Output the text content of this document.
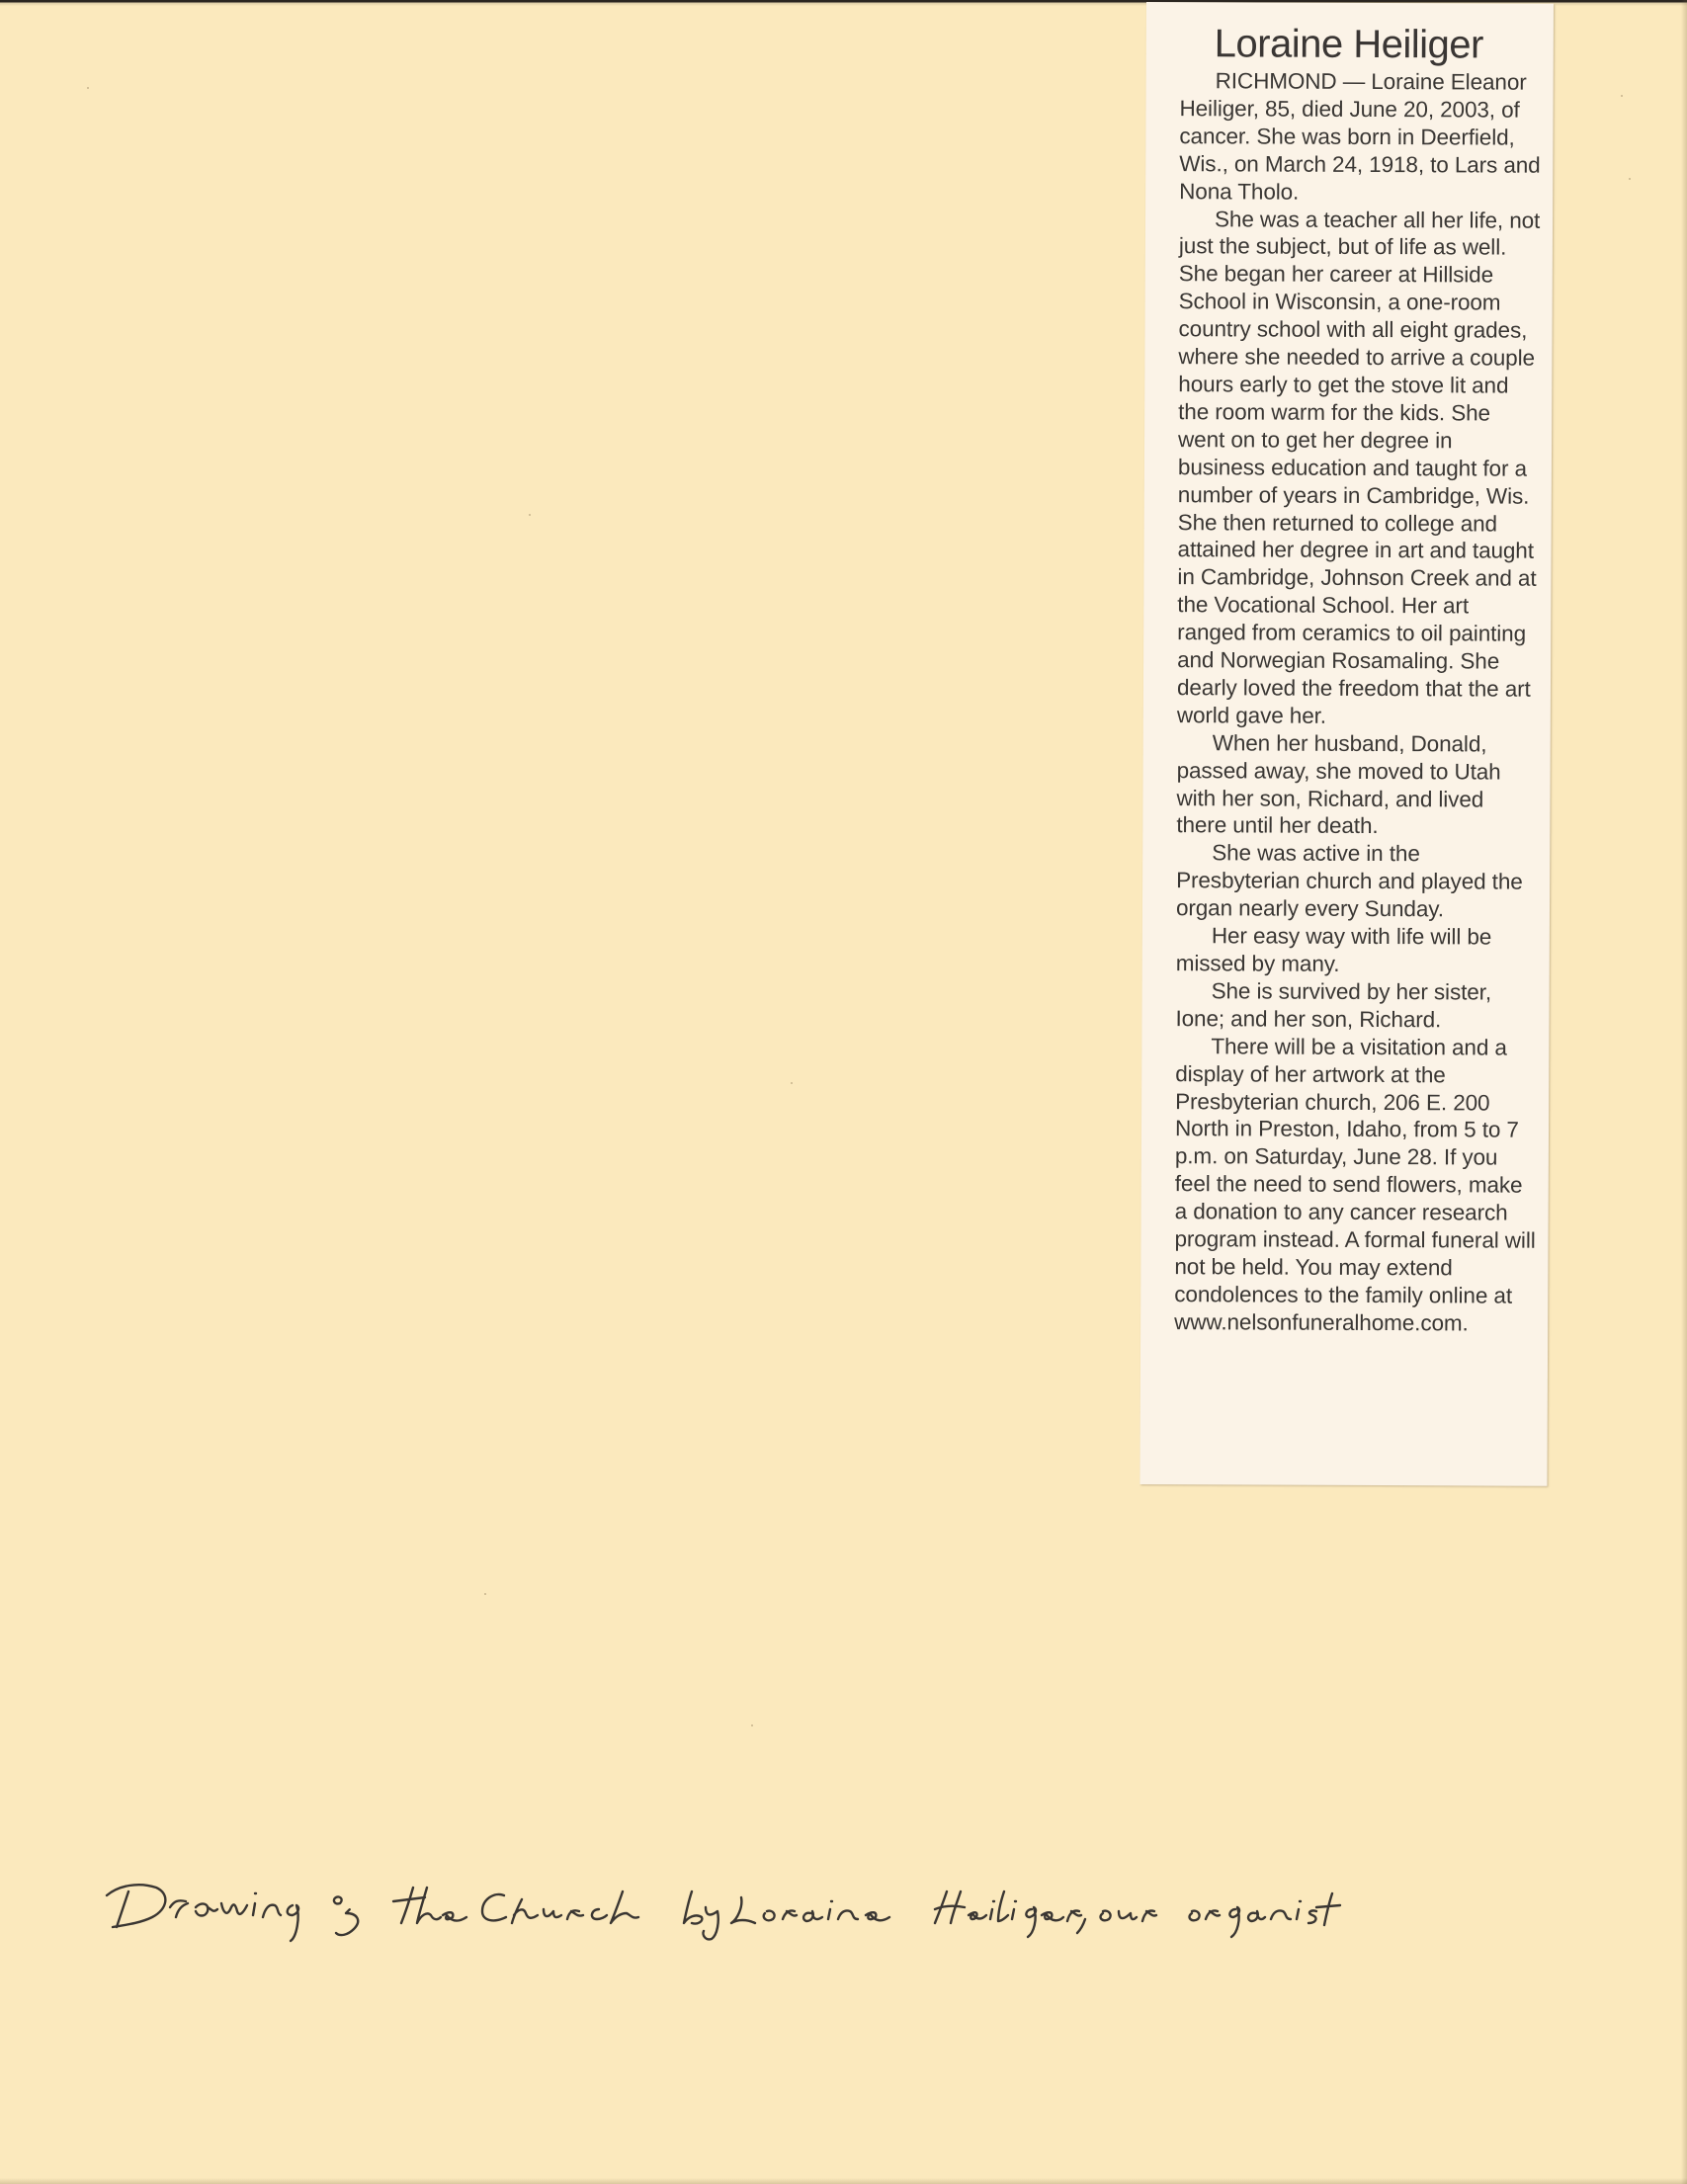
Loraine Heiliger

RICHMOND — Loraine Eleanor Heiliger, 85, died June 20, 2003, of cancer. She was born in Deerfield, Wis., on March 24, 1918, to Lars and Nona Tholo.

She was a teacher all her life, not just the subject, but of life as well. She began her career at Hillside School in Wisconsin, a one-room country school with all eight grades, where she needed to arrive a couple hours early to get the stove lit and the room warm for the kids. She went on to get her degree in business education and taught for a number of years in Cambridge, Wis. She then returned to college and attained her degree in art and taught in Cambridge, Johnson Creek and at the Vocational School. Her art ranged from ceramics to oil painting and Norwegian Rosamaling. She dearly loved the freedom that the art world gave her.

When her husband, Donald, passed away, she moved to Utah with her son, Richard, and lived there until her death.

She was active in the Presbyterian church and played the organ nearly every Sunday.

Her easy way with life will be missed by many.

She is survived by her sister, Ione; and her son, Richard.

There will be a visitation and a display of her artwork at the Presbyterian church, 206 E. 200 North in Preston, Idaho, from 5 to 7 p.m. on Saturday, June 28. If you feel the need to send flowers, make a donation to any cancer research program instead. A formal funeral will not be held. You may extend condolences to the family online at www.nelsonfuneralhome.com.
